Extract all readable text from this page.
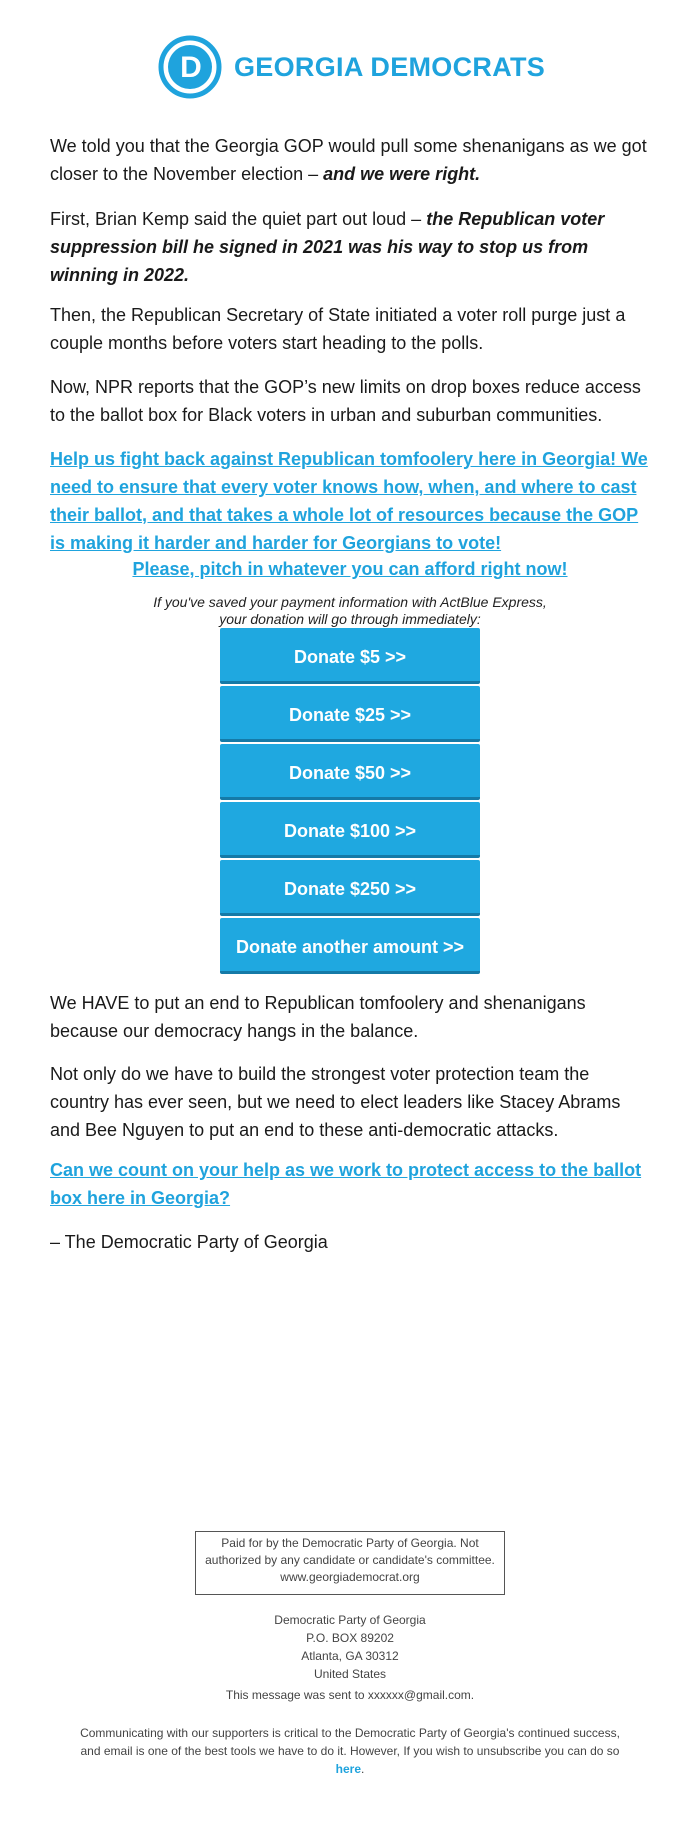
D GEORGIA DEMOCRATS

We told you that the Georgia GOP would pull some shenanigans as we got closer to the November election – and we were right.

First, Brian Kemp said the quiet part out loud – the Republican voter suppression bill he signed in 2021 was his way to stop us from winning in 2022.

Then, the Republican Secretary of State initiated a voter roll purge just a couple months before voters start heading to the polls.

Now, NPR reports that the GOP’s new limits on drop boxes reduce access to the ballot box for Black voters in urban and suburban communities.

Help us fight back against Republican tomfoolery here in Georgia! We need to ensure that every voter knows how, when, and where to cast their ballot, and that takes a whole lot of resources because the GOP is making it harder and harder for Georgians to vote!

Please, pitch in whatever you can afford right now!

If you've saved your payment information with ActBlue Express,
your donation will go through immediately:
Donate $5 >>
Donate $25 >>
Donate $50 >>
Donate $100 >>
Donate $250 >>
Donate another amount >>

We HAVE to put an end to Republican tomfoolery and shenanigans because our democracy hangs in the balance.

Not only do we have to build the strongest voter protection team the country has ever seen, but we need to elect leaders like Stacey Abrams and Bee Nguyen to put an end to these anti-democratic attacks.

Can we count on your help as we work to protect access to the ballot box here in Georgia?

– The Democratic Party of Georgia

Paid for by the Democratic Party of Georgia. Not
authorized by any candidate or candidate's committee.
www.georgiademocrat.org
Democratic Party of Georgia
P.O. BOX 89202
Atlanta, GA 30312
United States
This message was sent to xxxxxx@gmail.com.
Communicating with our supporters is critical to the Democratic Party of Georgia's continued success, and email is one of the best tools we have to do it. However, If you wish to unsubscribe you can do so here.
